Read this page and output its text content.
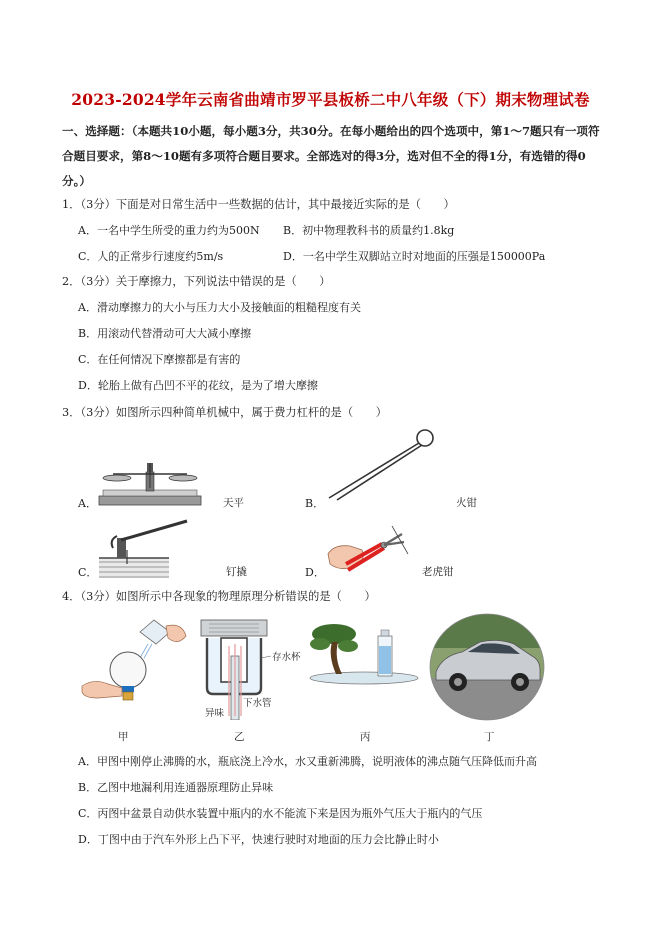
2023-2024学年云南省曲靖市罗平县板桥二中八年级（下）期末物理试卷
一、选择题：（本题共10小题，每小题3分，共30分。在每小题给出的四个选项中，第1～7题只有一项符合题目要求，第8～10题有多项符合题目要求。全部选对的得3分，选对但不全的得1分，有选错的得0分。）
1．（3分）下面是对日常生活中一些数据的估计，其中最接近实际的是（　　）
A．一名中学生所受的重力约为500N B．初中物理教科书的质量约1.8kg
C．人的正常步行速度约5m/s	D．一名中学生双脚站立时对地面的压强是150000Pa
2．（3分）关于摩擦力，下列说法中错误的是（　　）
A．滑动摩擦力的大小与压力大小及接触面的粗糙程度有关
B．用滚动代替滑动可大大减小摩擦
C．在任何情况下摩擦都是有害的
D．轮胎上做有凸凹不平的花纹，是为了增大摩擦
3．（3分）如图所示四种简单机械中，属于费力杠杆的是（　　）
A．	天平	B．	火钳
C．	钉撬	D．	老虎钳
4．（3分）如图所示中各现象的物理原理分析错误的是（　　）
甲
存水杯
异味
下水管
乙	丙	丁
A．甲图中刚停止沸腾的水，瓶底浇上冷水，水又重新沸腾，说明液体的沸点随气压降低而升高
B．乙图中地漏利用连通器原理防止异味
C．丙图中盆景自动供水装置中瓶内的水不能流下来是因为瓶外气压大于瓶内的气压
D．丁图中由于汽车外形上凸下平，快速行驶时对地面的压力会比静止时小
